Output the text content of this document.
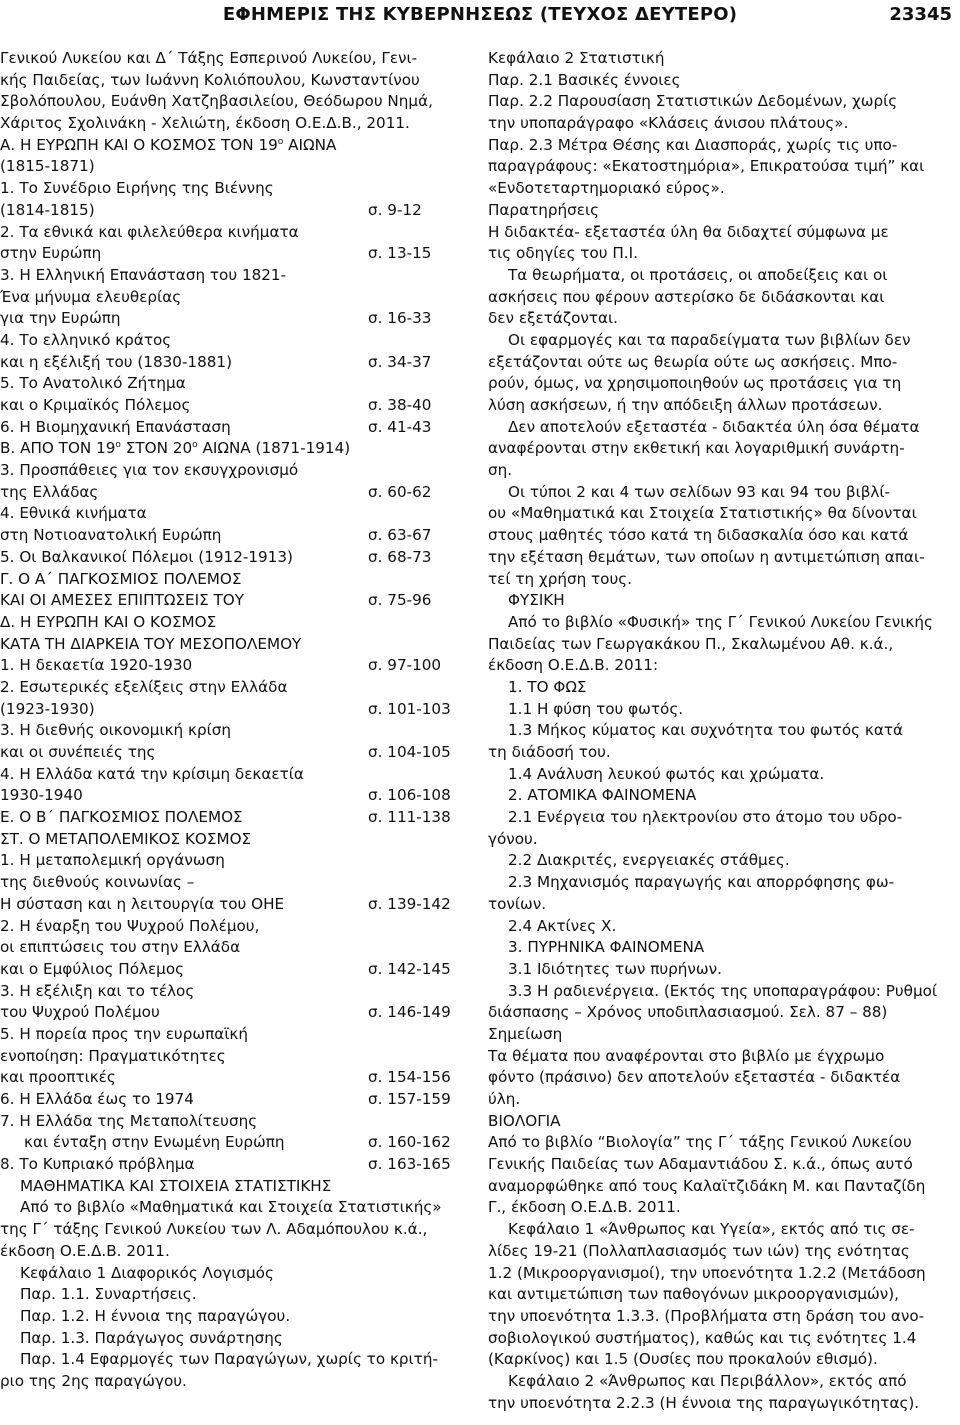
ΕΦΗΜΕΡΙΣ ΤΗΣ ΚΥΒΕΡΝΗΣΕΩΣ (ΤΕΥΧΟΣ ΔΕΥΤΕΡΟ)	23345
Γενικού Λυκείου και Δ΄ Τάξης Εσπερινού Λυκείου, Γενι-
κής Παιδείας, των Ιωάννη Κολιόπουλου, Κωνσταντίνου
Σβολόπουλου, Ευάνθη Χατζηβασιλείου, Θεόδωρου Νημά,
Χάριτος Σχολινάκη - Χελιώτη, έκδοση Ο.Ε.Δ.Β., 2011.
Α. Η ΕΥΡΩΠΗ ΚΑΙ Ο ΚΟΣΜΟΣ ΤΟΝ $19^o$ ΑΙΩΝΑ
(1815-1871)
1. Το Συνέδριο Ειρήνης της Βιέννης
(1814-1815)	σ. 9-12
2. Τα εθνικά και φιλελεύθερα κινήματα
στην Ευρώπη	σ. 13-15
3. Η Ελληνική Επανάσταση του 1821-
Ένα μήνυμα ελευθερίας
για την Ευρώπη	σ. 16-33
4. Το ελληνικό κράτος
και η εξέλιξή του (1830-1881)	σ. 34-37
5. Το Ανατολικό Ζήτημα
και ο Κριμαϊκός Πόλεμος	σ. 38-40
6. Η Βιομηχανική Επανάσταση	σ. 41-43
Β. ΑΠΟ ΤΟΝ $19^o$ ΣΤΟΝ $20^o$ ΑΙΩΝΑ (1871-1914)
3. Προσπάθειες για τον εκσυγχρονισμό
της Ελλάδας	σ. 60-62
4. Εθνικά κινήματα
στη Νοτιοανατολική Ευρώπη	σ. 63-67
5. Οι Βαλκανικοί Πόλεμοι (1912-1913)	σ. 68-73
Γ. Ο Α΄ ΠΑΓΚΟΣΜΙΟΣ ΠΟΛΕΜΟΣ
ΚΑΙ ΟΙ ΑΜΕΣΕΣ ΕΠΙΠΤΩΣΕΙΣ ΤΟΥ	σ. 75-96
Δ. Η ΕΥΡΩΠΗ ΚΑΙ Ο ΚΟΣΜΟΣ
ΚΑΤΑ ΤΗ ΔΙΑΡΚΕΙΑ ΤΟΥ ΜΕΣΟΠΟΛΕΜΟΥ
1. Η δεκαετία 1920-1930	σ. 97-100
2. Εσωτερικές εξελίξεις στην Ελλάδα
(1923-1930)	σ. 101-103
3. Η διεθνής οικονομική κρίση
και οι συνέπειές της	σ. 104-105
4. Η Ελλάδα κατά την κρίσιμη δεκαετία
1930-1940	σ. 106-108
Ε. Ο Β΄ ΠΑΓΚΟΣΜΙΟΣ ΠΟΛΕΜΟΣ	σ. 111-138
ΣΤ. Ο ΜΕΤΑΠΟΛΕΜΙΚΟΣ ΚΟΣΜΟΣ
1. Η μεταπολεμική οργάνωση
της διεθνούς κοινωνίας –
Η σύσταση και η λειτουργία του ΟΗΕ	σ. 139-142
2. Η έναρξη του Ψυχρού Πολέμου,
οι επιπτώσεις του στην Ελλάδα
και ο Εμφύλιος Πόλεμος	σ. 142-145
3. Η εξέλιξη και το τέλος
του Ψυχρού Πολέμου	σ. 146-149
5. Η πορεία προς την ευρωπαϊκή
ενοποίηση: Πραγματικότητες
και προοπτικές	σ. 154-156
6. Η Ελλάδα έως το 1974	σ. 157-159
7. Η Ελλάδα της Μεταπολίτευσης
και ένταξη στην Ενωμένη Ευρώπη	σ. 160-162
8. Το Κυπριακό πρόβλημα	σ. 163-165
ΜΑΘΗΜΑΤΙΚΑ ΚΑΙ ΣΤΟΙΧΕΙΑ ΣΤΑΤΙΣΤΙΚΗΣ
Από το βιβλίο «Μαθηματικά και Στοιχεία Στατιστικής»
της Γ΄ τάξης Γενικού Λυκείου των Λ. Αδαμόπουλου κ.ά.,
έκδοση Ο.Ε.Δ.Β. 2011.
Κεφάλαιο 1 Διαφορικός Λογισμός
Παρ. 1.1. Συναρτήσεις.
Παρ. 1.2. Η έννοια της παραγώγου.
Παρ. 1.3. Παράγωγος συνάρτησης
Παρ. 1.4 Εφαρμογές των Παραγώγων, χωρίς το κριτή-
ριο της 2ης παραγώγου.
Κεφάλαιο 2 Στατιστική
Παρ. 2.1 Βασικές έννοιες
Παρ. 2.2 Παρουσίαση Στατιστικών Δεδομένων, χωρίς
την υποπαράγραφο «Κλάσεις άνισου πλάτους».
Παρ. 2.3 Μέτρα Θέσης και Διασποράς, χωρίς τις υπο-
παραγράφους: «Εκατοστημόρια», Επικρατούσα τιμή” και
«Ενδοτεταρτημοριακό εύρος».
Παρατηρήσεις
Η διδακτέα- εξεταστέα ύλη θα διδαχτεί σύμφωνα με
τις οδηγίες του Π.Ι.
Τα θεωρήματα, οι προτάσεις, οι αποδείξεις και οι
ασκήσεις που φέρουν αστερίσκο δε διδάσκονται και
δεν εξετάζονται.
Οι εφαρμογές και τα παραδείγματα των βιβλίων δεν
εξετάζονται ούτε ως θεωρία ούτε ως ασκήσεις. Μπο-
ρούν, όμως, να χρησιμοποιηθούν ως προτάσεις για τη
λύση ασκήσεων, ή την απόδειξη άλλων προτάσεων.
Δεν αποτελούν εξεταστέα - διδακτέα ύλη όσα θέματα
αναφέρονται στην εκθετική και λογαριθμική συνάρτη-
ση.
Οι τύποι 2 και 4 των σελίδων 93 και 94 του βιβλί-
ου «Μαθηματικά και Στοιχεία Στατιστικής» θα δίνονται
στους μαθητές τόσο κατά τη διδασκαλία όσο και κατά
την εξέταση θεμάτων, των οποίων η αντιμετώπιση απαι-
τεί τη χρήση τους.
ΦΥΣΙΚΗ
Από το βιβλίο «Φυσική» της Γ΄ Γενικού Λυκείου Γενικής
Παιδείας των Γεωργακάκου Π., Σκαλωμένου Αθ. κ.ά.,
έκδοση Ο.Ε.Δ.Β. 2011:
1. ΤΟ ΦΩΣ
1.1 Η φύση του φωτός.
1.3 Μήκος κύματος και συχνότητα του φωτός κατά
τη διάδοσή του.
1.4 Ανάλυση λευκού φωτός και χρώματα.
2. ΑΤΟΜΙΚΑ ΦΑΙΝΟΜΕΝΑ
2.1 Ενέργεια του ηλεκτρονίου στο άτομο του υδρο-
γόνου.
2.2 Διακριτές, ενεργειακές στάθμες.
2.3 Μηχανισμός παραγωγής και απορρόφησης φω-
τονίων.
2.4 Ακτίνες Χ.
3. ΠΥΡΗΝΙΚΑ ΦΑΙΝΟΜΕΝΑ
3.1 Ιδιότητες των πυρήνων.
3.3 Η ραδιενέργεια. (Εκτός της υποπαραγράφου: Ρυθμοί
διάσπασης – Χρόνος υποδιπλασιασμού. Σελ. 87 – 88)
Σημείωση
Τα θέματα που αναφέρονται στο βιβλίο με έγχρωμο
φόντο (πράσινο) δεν αποτελούν εξεταστέα - διδακτέα
ύλη.
ΒΙΟΛΟΓΙΑ
Από το βιβλίο “Βιολογία” της Γ΄ τάξης Γενικού Λυκείου
Γενικής Παιδείας των Αδαμαντιάδου Σ. κ.ά., όπως αυτό
αναμορφώθηκε από τους Καλαϊτζιδάκη Μ. και Πανταζίδη
Γ., έκδοση Ο.Ε.Δ.Β. 2011.
Κεφάλαιο 1 «Άνθρωπος και Υγεία», εκτός από τις σε-
λίδες 19-21 (Πολλαπλασιασμός των ιών) της ενότητας
1.2 (Μικροοργανισμοί), την υποενότητα 1.2.2 (Μετάδοση
και αντιμετώπιση των παθογόνων μικροοργανισμών),
την υποενότητα 1.3.3. (Προβλήματα στη δράση του ανο-
σοβιολογικού συστήματος), καθώς και τις ενότητες 1.4
(Καρκίνος) και 1.5 (Ουσίες που προκαλούν εθισμό).
Κεφάλαιο 2 «Άνθρωπος και Περιβάλλον», εκτός από
την υποενότητα 2.2.3 (Η έννοια της παραγωγικότητας).
